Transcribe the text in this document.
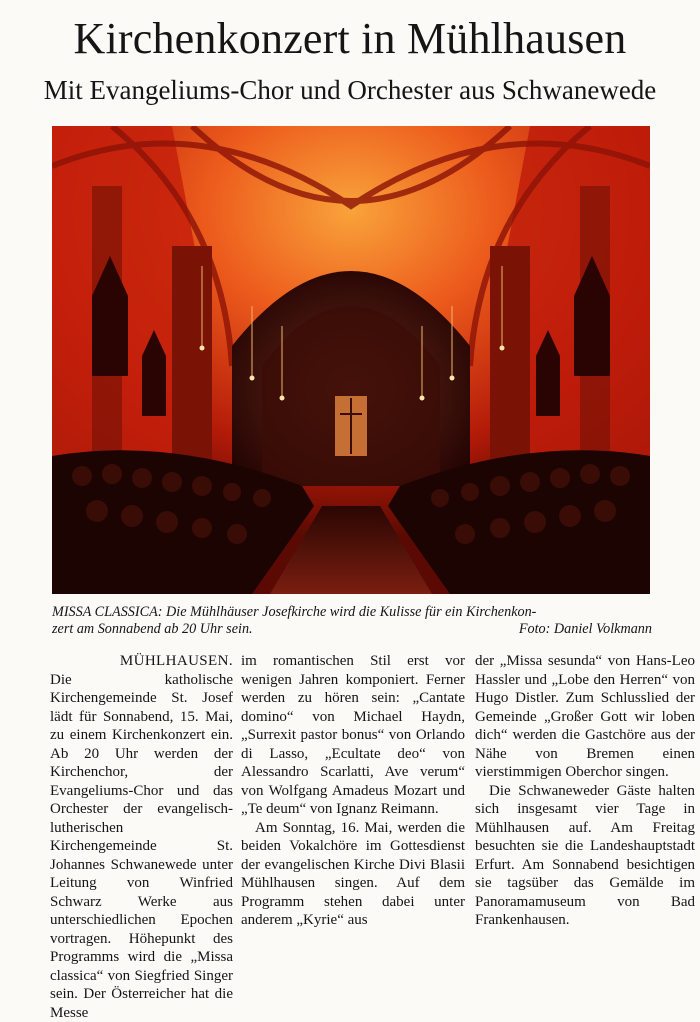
Kirchenkonzert in Mühlhausen
Mit Evangeliums-Chor und Orchester aus Schwanewede

MISSA CLASSICA: Die Mühlhäuser Josefkirche wird die Kulisse für ein Kirchenkon-

zert am Sonnabend ab 20 Uhr sein.	Foto: Daniel Volkmann

MÜHLHAUSEN.
Die katholische Kirchengemeinde St. Josef lädt für Sonnabend, 15. Mai, zu einem Kirchenkonzert ein. Ab 20 Uhr werden der Kirchenchor, der Evangeliums-Chor und das Orchester der evangelisch-lutherischen Kirchengemeinde St. Johannes Schwanewede unter Leitung von Winfried Schwarz Werke aus unterschiedlichen Epochen vortragen. Höhepunkt des Programms wird die „Missa classica“ von Siegfried Singer sein. Der Österreicher hat die Messe

im romantischen Stil erst vor wenigen Jahren komponiert. Ferner werden zu hören sein: „Cantate domino“ von Michael Haydn, „Surrexit pastor bonus“ von Orlando di Lasso, „Ecultate deo“ von Alessandro Scarlatti, Ave verum“ von Wolfgang Amadeus Mozart und „Te deum“ von Ignanz Reimann.

Am Sonntag, 16. Mai, werden die beiden Vokalchöre im Gottesdienst der evangelischen Kirche Divi Blasii Mühlhausen singen. Auf dem Programm stehen dabei unter anderem „Kyrie“ aus

der „Missa sesunda“ von Hans-Leo Hassler und „Lobe den Herren“ von Hugo Distler. Zum Schlusslied der Gemeinde „Großer Gott wir loben dich“ werden die Gastchöre aus der Nähe von Bremen einen vierstimmigen Oberchor singen.

Die Schwaneweder Gäste halten sich insgesamt vier Tage in Mühlhausen auf. Am Freitag besuchten sie die Landeshauptstadt Erfurt. Am Sonnabend besichtigen sie tagsüber das Gemälde im Panoramamuseum von Bad Frankenhausen.
